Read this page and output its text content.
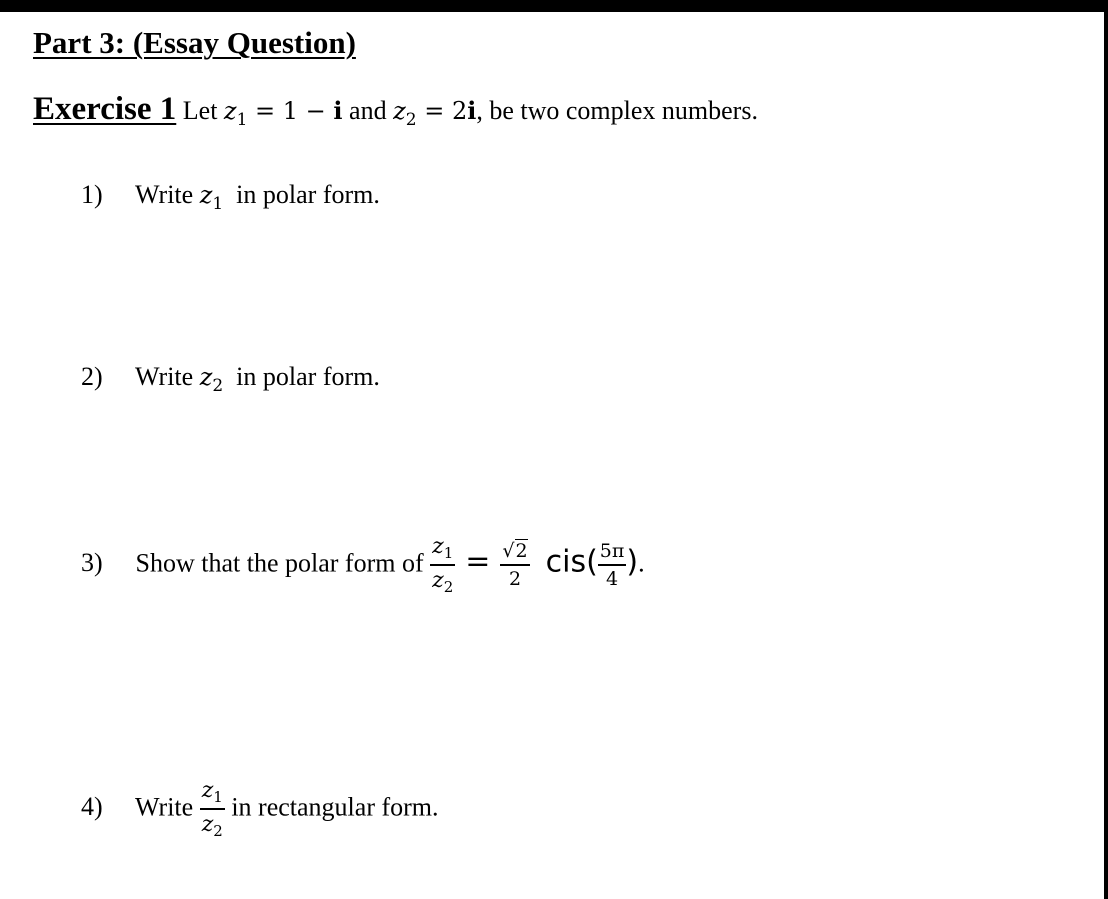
Part 3: (Essay Question)
Exercise 1 Let $z_1 = 1 - i$ and $z_2 = 2i$, be two complex numbers.
1) Write $z_1$  in polar form.
2) Write $z_2$  in polar form.
3) Show that the polar form of $\frac{z_1}{z_2} = \frac{√2}{2} cis( \frac{5\pi}{4}$ ).
4) Write $\frac{z_1}{z_2}$ in rectangular form.
